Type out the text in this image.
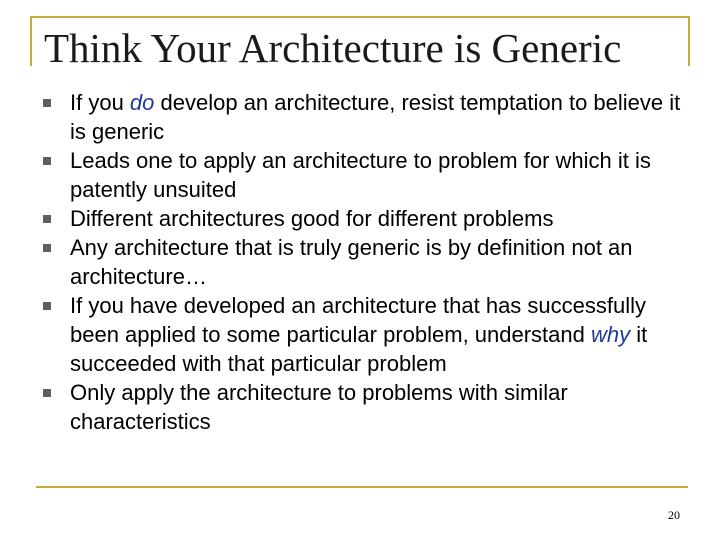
Think Your Architecture is Generic
If you do develop an architecture, resist temptation to believe it is generic
Leads one to apply an architecture to problem for which it is patently unsuited
Different architectures good for different problems
Any architecture that is truly generic is by definition not an architecture…
If you have developed an architecture that has successfully been applied to some particular problem, understand why it succeeded with that particular problem
Only apply the architecture to problems with similar characteristics
20
